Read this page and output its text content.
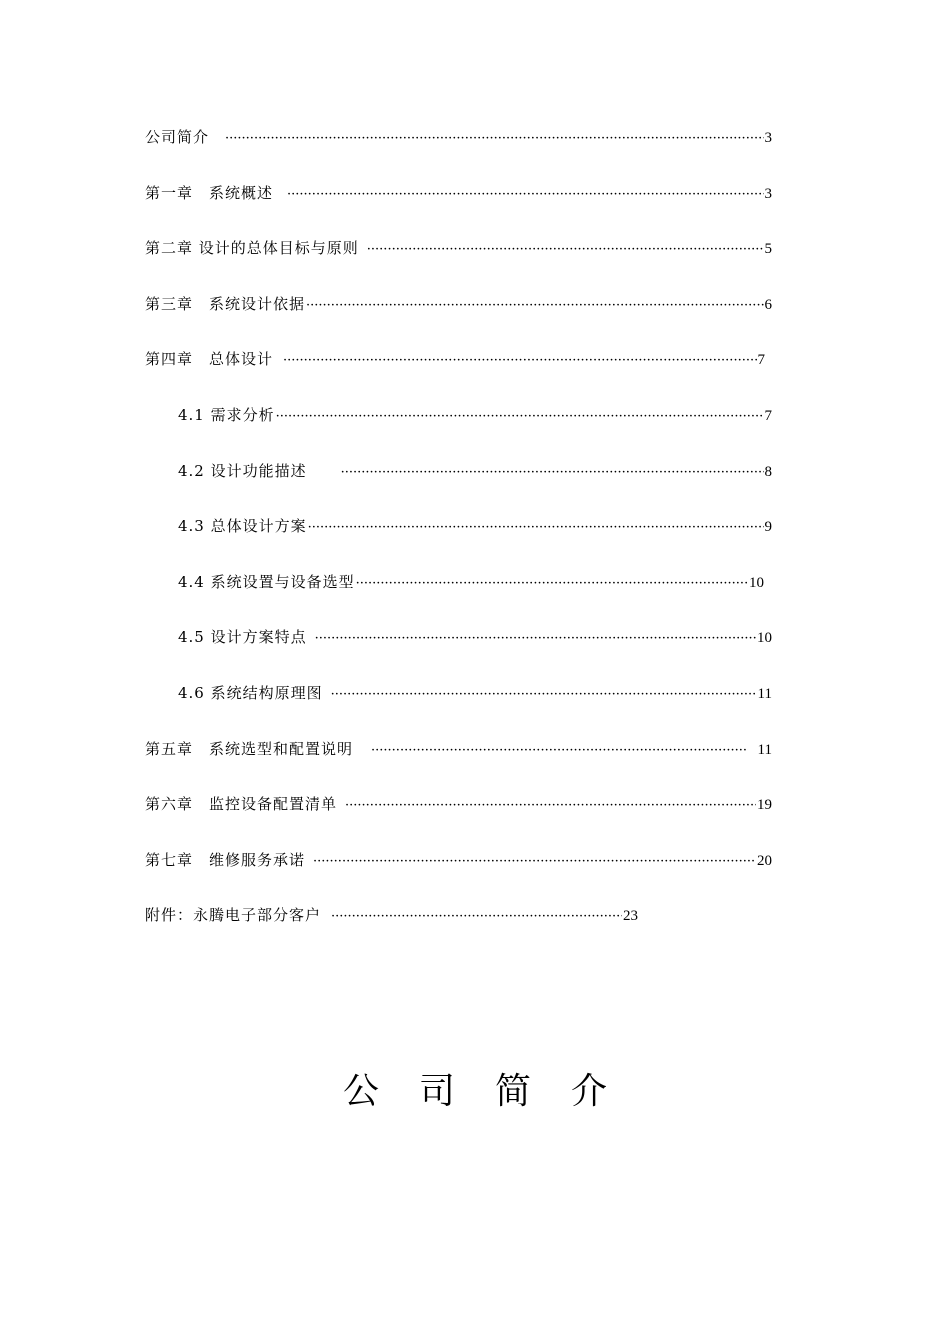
公司简介 ·····	3
第一章　系统概述 ·····	3
第二章 设计的总体目标与原则 ·····	5
第三章　系统设计依据 ·····	6
第四章　总体设计 ·····	7
4.1 需求分析 ·····	7
4.2 设计功能描述 ·····	8
4.3 总体设计方案 ·····	9
4.4 系统设置与设备选型 ·····	10
4.5 设计方案特点 ·····	10
4.6 系统结构原理图 ·····	11
第五章　系统选型和配置说明 ·····	11
第六章　监控设备配置清单 ·····	19
第七章　维修服务承诺 ·····	20
附件：永腾电子部分客户 ·····	23
公司简介
